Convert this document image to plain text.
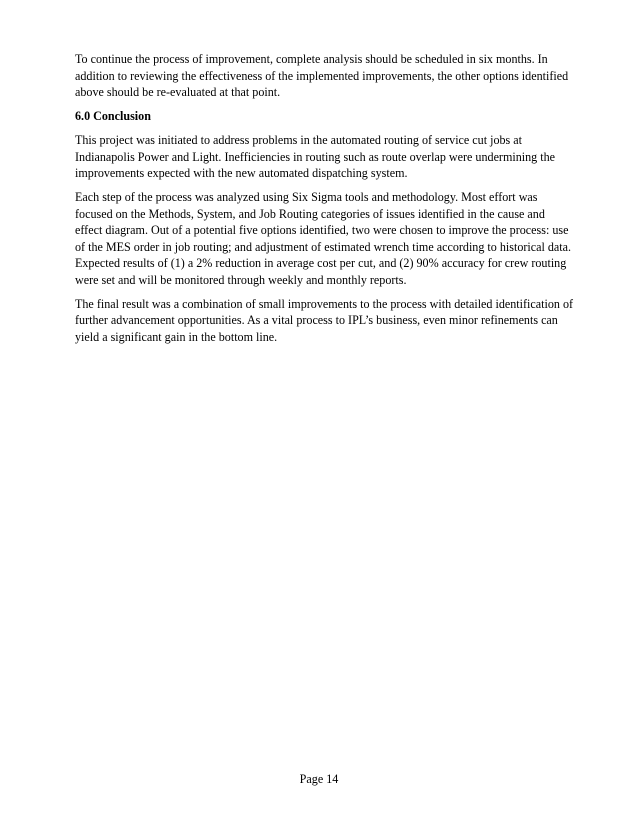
To continue the process of improvement, complete analysis should be scheduled in six months. In addition to reviewing the effectiveness of the implemented improvements, the other options identified above should be re-evaluated at that point.

6.0 Conclusion

This project was initiated to address problems in the automated routing of service cut jobs at Indianapolis Power and Light. Inefficiencies in routing such as route overlap were undermining the improvements expected with the new automated dispatching system.

Each step of the process was analyzed using Six Sigma tools and methodology. Most effort was focused on the Methods, System, and Job Routing categories of issues identified in the cause and effect diagram. Out of a potential five options identified, two were chosen to improve the process: use of the MES order in job routing; and adjustment of estimated wrench time according to historical data. Expected results of (1) a 2% reduction in average cost per cut, and (2) 90% accuracy for crew routing were set and will be monitored through weekly and monthly reports.

The final result was a combination of small improvements to the process with detailed identification of further advancement opportunities. As a vital process to IPL’s business, even minor refinements can yield a significant gain in the bottom line.

Page 14
